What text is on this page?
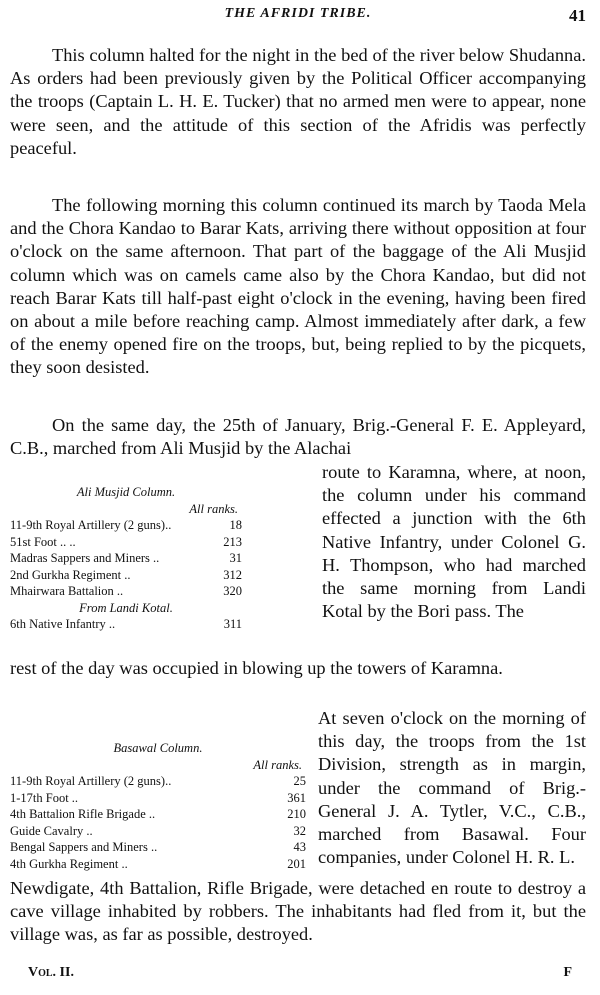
THE AFRIDI TRIBE.	41

This column halted for the night in the bed of the river below Shudanna. As orders had been previously given by the Political Officer accompanying the troops (Captain L. H. E. Tucker) that no armed men were to appear, none were seen, and the attitude of this section of the Afridis was perfectly peaceful.

The following morning this column continued its march by Taoda Mela and the Chora Kandao to Barar Kats, arriving there without opposition at four o'clock on the same afternoon. That part of the baggage of the Ali Musjid column which was on camels came also by the Chora Kandao, but did not reach Barar Kats till half-past eight o'clock in the evening, having been fired on about a mile before reaching camp. Almost immediately after dark, a few of the enemy opened fire on the troops, but, being replied to by the picquets, they soon desisted.

On the same day, the 25th of January, Brig.-General F. E. Appleyard, C.B., marched from Ali Musjid by the Alachai

Ali Musjid Column.
All ranks.
11-9th Royal Artillery (2 guns)..	18
51st Foot .. ..	213
Madras Sappers and Miners ..	31
2nd Gurkha Regiment ..	312
Mhairwara Battalion ..	320
From Landi Kotal.
6th Native Infantry ..	311

route to Karamna, where, at noon, the column under his command effected a junction with the 6th Native Infantry, under Colonel G. H. Thompson, who had marched the same morning from Landi Kotal by the Bori pass. The

rest of the day was occupied in blowing up the towers of Karamna.

Basawal Column.
All ranks.
11-9th Royal Artillery (2 guns)..	25
1-17th Foot ..	361
4th Battalion Rifle Brigade ..	210
Guide Cavalry ..	32
Bengal Sappers and Miners ..	43
4th Gurkha Regiment ..	201

At seven o'clock on the morning of this day, the troops from the 1st Division, strength as in margin, under the command of Brig.-General J. A. Tytler, V.C., C.B., marched from Basawal. Four companies, under Colonel H. R. L.

Newdigate, 4th Battalion, Rifle Brigade, were detached en route to destroy a cave village inhabited by robbers. The inhabitants had fled from it, but the village was, as far as possible, destroyed.

Vol. II.	F
